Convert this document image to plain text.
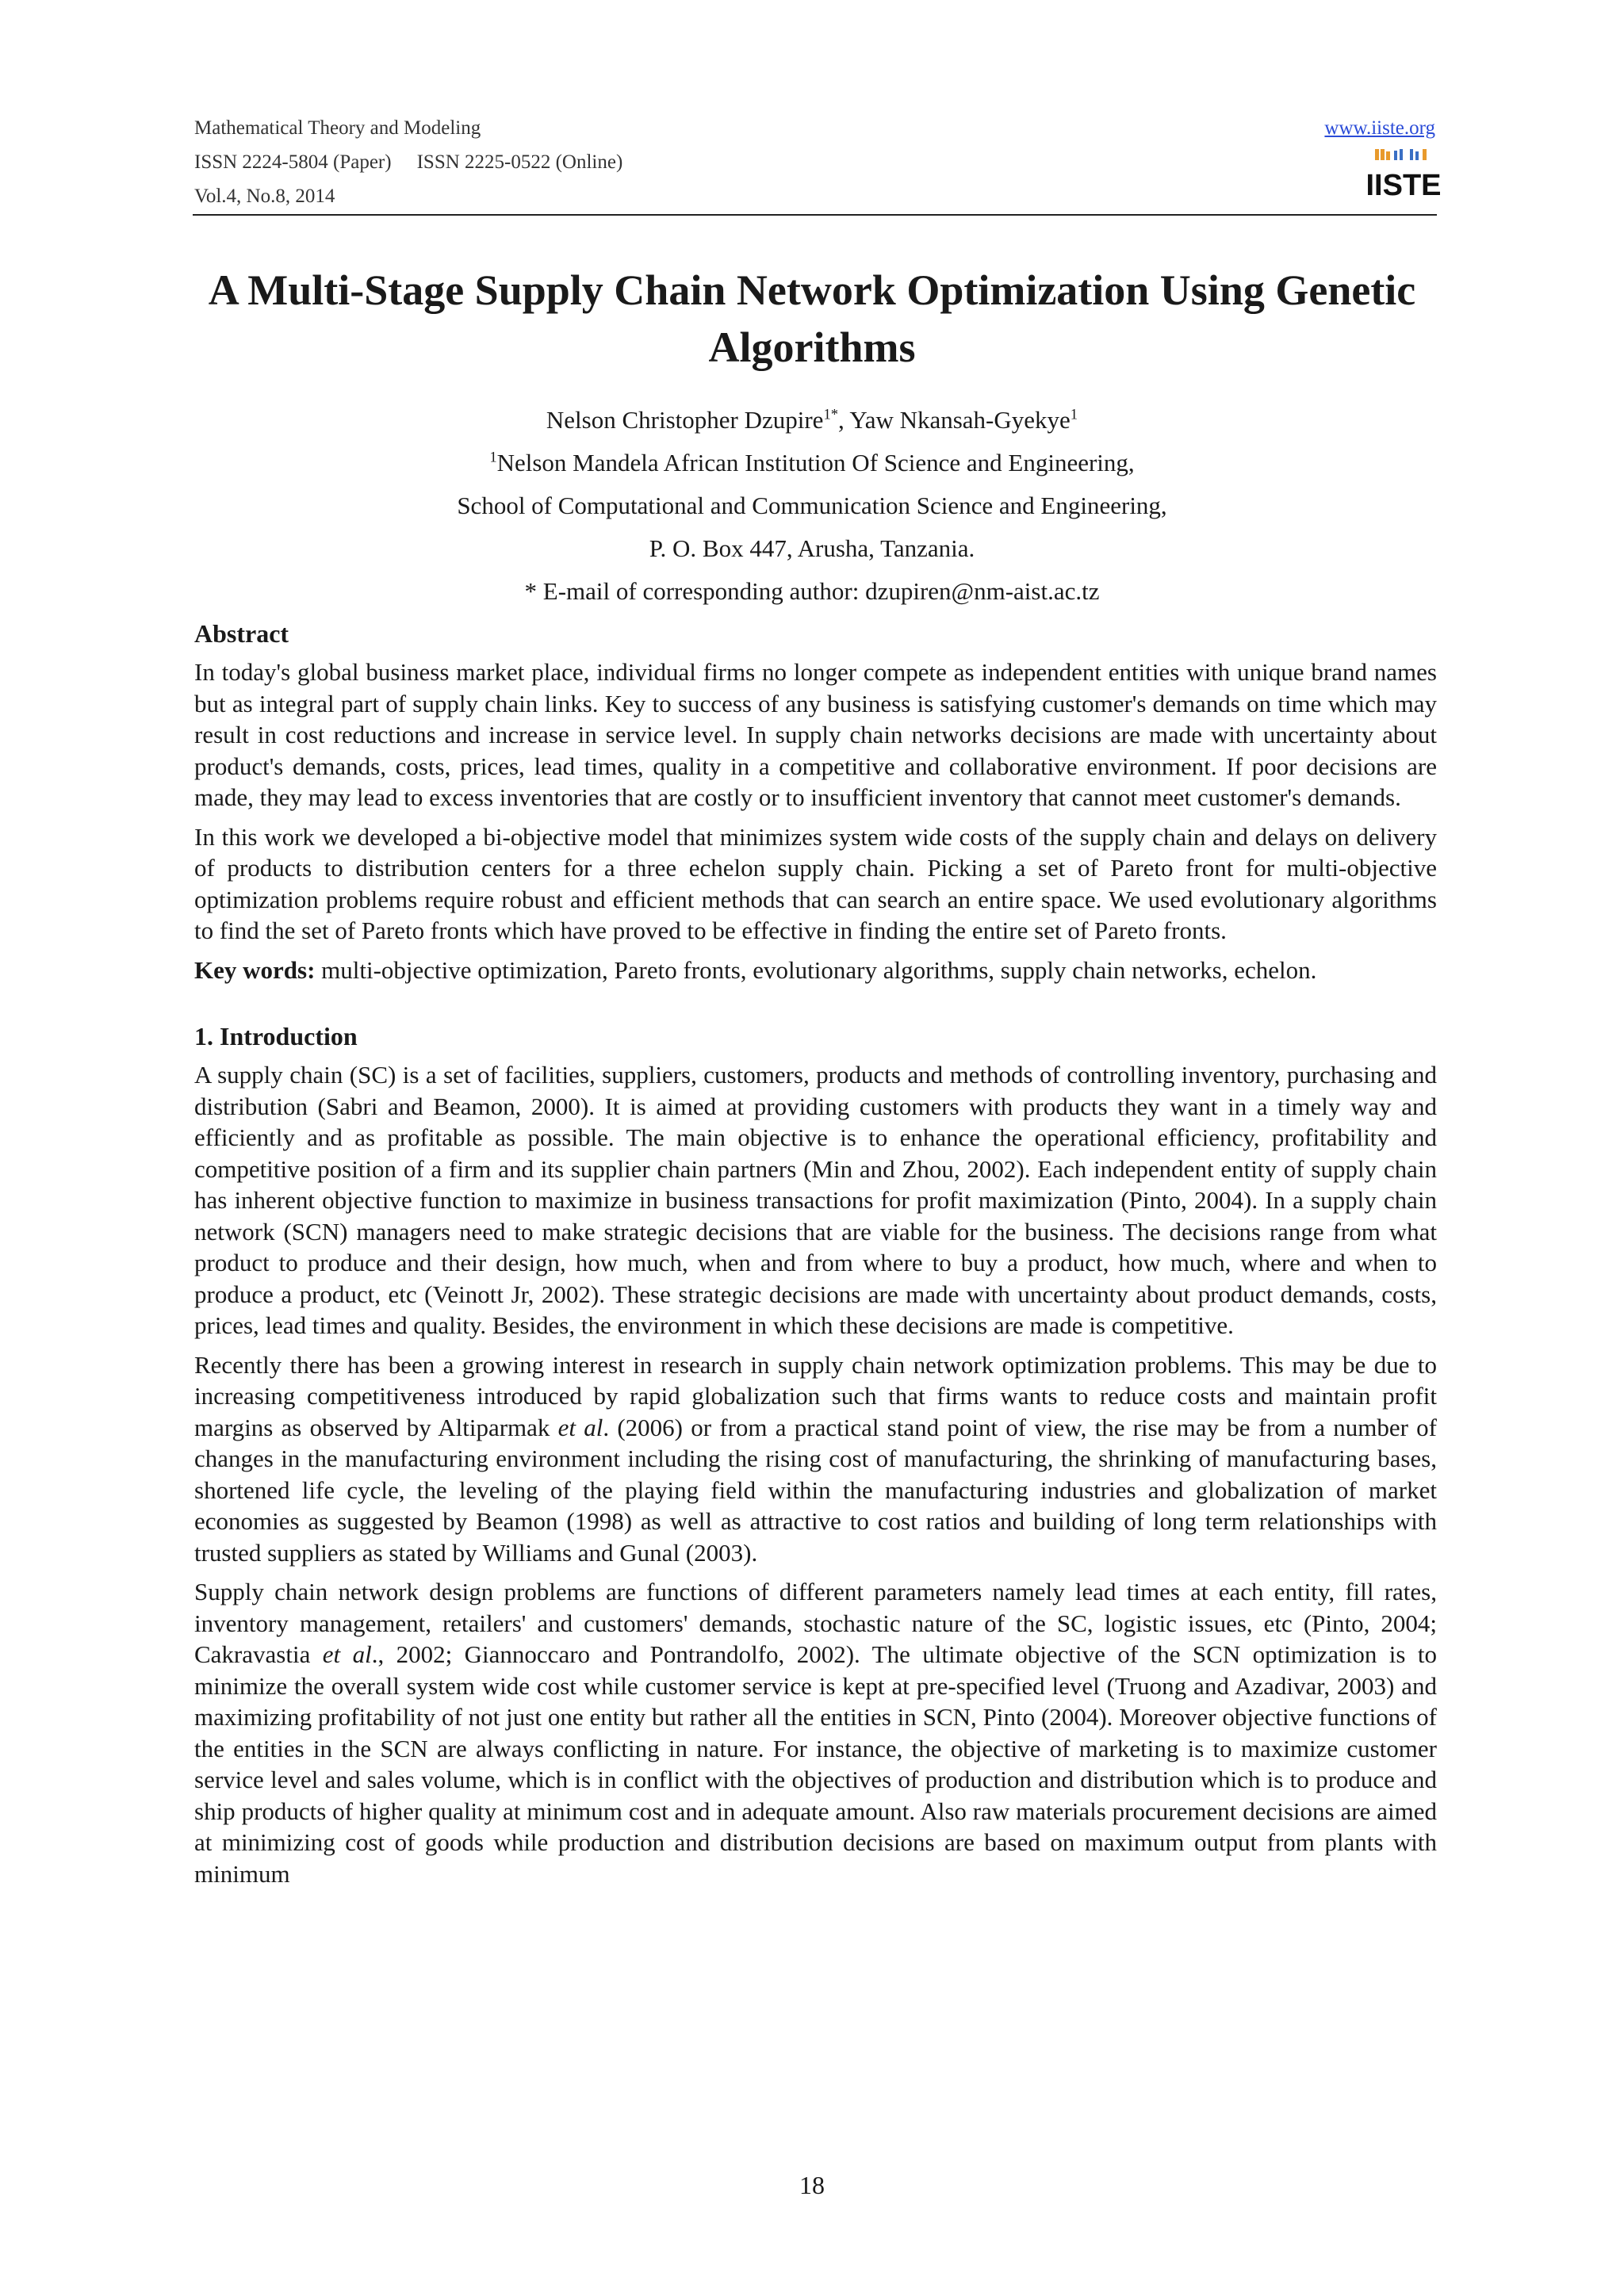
Mathematical Theory and Modeling
ISSN 2224-5804 (Paper) ISSN 2225-0522 (Online)
Vol.4, No.8, 2014
www.iiste.org
IISTE
A Multi-Stage Supply Chain Network Optimization Using Genetic Algorithms

Nelson Christopher Dzupire$^{1*}$, Yaw Nkansah-Gyekye$^1$

$^1$Nelson Mandela African Institution Of Science and Engineering,

School of Computational and Communication Science and Engineering,

P. O. Box 447, Arusha, Tanzania.

* E-mail of corresponding author: dzupiren@nm-aist.ac.tz

Abstract

In today's global business market place, individual firms no longer compete as independent entities with unique brand names but as integral part of supply chain links. Key to success of any business is satisfying customer's demands on time which may result in cost reductions and increase in service level. In supply chain networks decisions are made with uncertainty about product's demands, costs, prices, lead times, quality in a competitive and collaborative environment. If poor decisions are made, they may lead to excess inventories that are costly or to insufficient inventory that cannot meet customer's demands.

In this work we developed a bi-objective model that minimizes system wide costs of the supply chain and delays on delivery of products to distribution centers for a three echelon supply chain. Picking a set of Pareto front for multi-objective optimization problems require robust and efficient methods that can search an entire space. We used evolutionary algorithms to find the set of Pareto fronts which have proved to be effective in finding the entire set of Pareto fronts.

Key words: multi-objective optimization, Pareto fronts, evolutionary algorithms, supply chain networks, echelon.

1. Introduction

A supply chain (SC) is a set of facilities, suppliers, customers, products and methods of controlling inventory, purchasing and distribution (Sabri and Beamon, 2000). It is aimed at providing customers with products they want in a timely way and efficiently and as profitable as possible. The main objective is to enhance the operational efficiency, profitability and competitive position of a firm and its supplier chain partners (Min and Zhou, 2002). Each independent entity of supply chain has inherent objective function to maximize in business transactions for profit maximization (Pinto, 2004). In a supply chain network (SCN) managers need to make strategic decisions that are viable for the business. The decisions range from what product to produce and their design, how much, when and from where to buy a product, how much, where and when to produce a product, etc (Veinott Jr, 2002). These strategic decisions are made with uncertainty about product demands, costs, prices, lead times and quality. Besides, the environment in which these decisions are made is competitive.

Recently there has been a growing interest in research in supply chain network optimization problems. This may be due to increasing competitiveness introduced by rapid globalization such that firms wants to reduce costs and maintain profit margins as observed by Altiparmak et al. (2006) or from a practical stand point of view, the rise may be from a number of changes in the manufacturing environment including the rising cost of manufacturing, the shrinking of manufacturing bases, shortened life cycle, the leveling of the playing field within the manufacturing industries and globalization of market economies as suggested by Beamon (1998) as well as attractive to cost ratios and building of long term relationships with trusted suppliers as stated by Williams and Gunal (2003).

Supply chain network design problems are functions of different parameters namely lead times at each entity, fill rates, inventory management, retailers' and customers' demands, stochastic nature of the SC, logistic issues, etc (Pinto, 2004; Cakravastia et al., 2002; Giannoccaro and Pontrandolfo, 2002). The ultimate objective of the SCN optimization is to minimize the overall system wide cost while customer service is kept at pre-specified level (Truong and Azadivar, 2003) and maximizing profitability of not just one entity but rather all the entities in SCN, Pinto (2004). Moreover objective functions of the entities in the SCN are always conflicting in nature. For instance, the objective of marketing is to maximize customer service level and sales volume, which is in conflict with the objectives of production and distribution which is to produce and ship products of higher quality at minimum cost and in adequate amount. Also raw materials procurement decisions are aimed at minimizing cost of goods while production and distribution decisions are based on maximum output from plants with minimum

18
